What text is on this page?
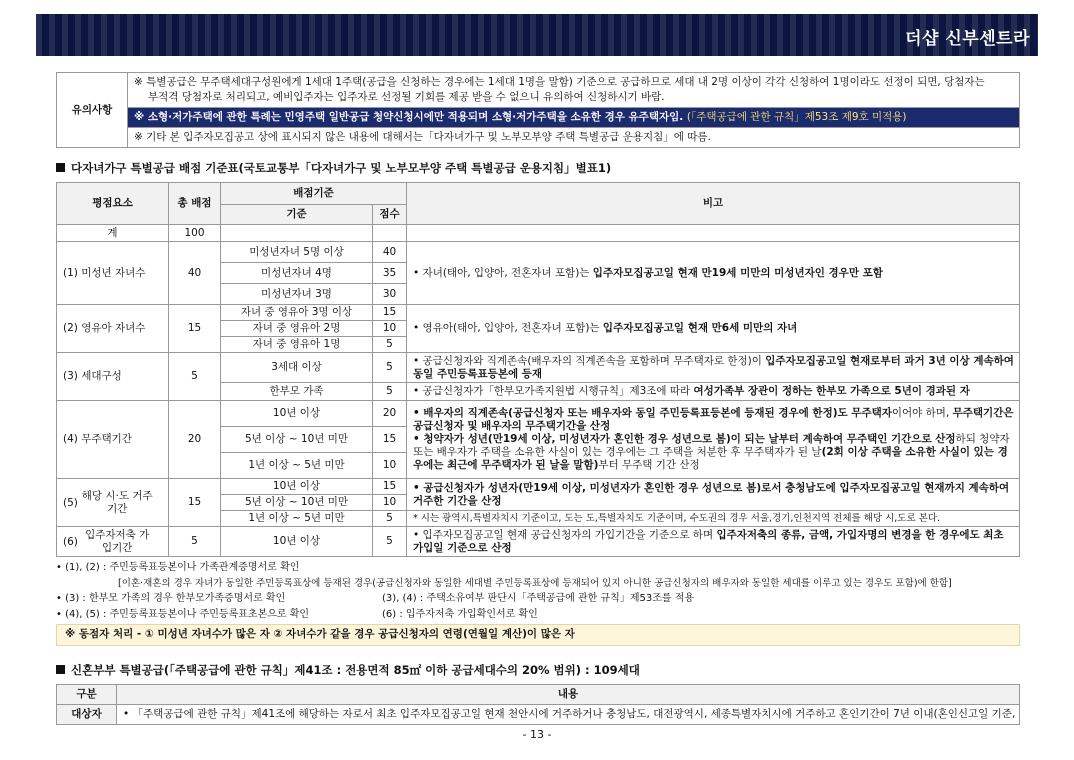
더샵 신부센트라
유의사항	
※ 특별공급은 무주택세대구성원에게 1세대 1주택(공급을 신청하는 경우에는 1세대 1명을 말함) 기준으로 공급하므로 세대 내 2명 이상이 각각 신청하여 1명이라도 선정이 되면, 당첨자는
부적격 당첨자로 처리되고, 예비입주자는 입주자로 선정될 기회를 제공 받을 수 없으니 유의하여 신청하시기 바람.

※ 소형·저가주택에 관한 특례는 민영주택 일반공급 청약신청시에만 적용되며 소형·저가주택을 소유한 경우 유주택자임. (「주택공급에 관한 규칙」제53조 제9호 미적용)
※ 기타 본 입주자모집공고 상에 표시되지 않은 내용에 대해서는「다자녀가구 및 노부모부양 주택 특별공급 운용지침」에 따름.
다자녀가구 특별공급 배점 기준표(국토교통부「다자녀가구 및 노부모부양 주택 특별공급 운용지침」별표1)
평점요소	총 배점	배점기준		비고
		기준	점수	
계	100			
(1) 미성년 자녀수	40	미성년자녀 5명 이상	40	• 자녀(태아, 입양아, 전혼자녀 포함)는 입주자모집공고일 현재 만19세 미만의 미성년자인 경우만 포함
		미성년자녀 4명	35	
		미성년자녀 3명	30	
(2) 영유아 자녀수	15	자녀 중 영유아 3명 이상	15	• 영유아(태아, 입양아, 전혼자녀 포함)는 입주자모집공고일 현재 만6세 미만의 자녀
		자녀 중 영유아 2명	10	
		자녀 중 영유아 1명	5	
(3) 세대구성	5	3세대 이상	5	• 공급신청자와 직계존속(배우자의 직계존속을 포함하며 무주택자로 한정)이 입주자모집공고일 현재로부터 과거 3년 이상 계속하여 동일 주민등록표등본에 등재
		한부모 가족	5	• 공급신청자가「한부모가족지원법 시행규칙」제3조에 따라 여성가족부 장관이 정하는 한부모 가족으로 5년이 경과된 자
(4) 무주택기간	20	10년 이상	20	• 배우자의 직계존속(공급신청자 또는 배우자와 동일 주민등록표등본에 등재된 경우에 한정)도 무주택자이어야 하며, 무주택기간은 공급신청자 및 배우자의 무주택기간을 산정
• 청약자가 성년(만19세 이상, 미성년자가 혼인한 경우 성년으로 봄)이 되는 날부터 계속하여 무주택인 기간으로 산정하되 청약자 또는 배우자가 주택을 소유한 사실이 있는 경우에는 그 주택을 처분한 후 무주택자가 된 날(2회 이상 주택을 소유한 사실이 있는 경우에는 최근에 무주택자가 된 날을 말함)부터 무주택 기간 산정

		5년 이상 ~ 10년 미만	15	
		1년 이상 ~ 5년 미만	10	
(5) 해당 시·도 거주기간	15	10년 이상	15	• 공급신청자가 성년자(만19세 이상, 미성년자가 혼인한 경우 성년으로 봄)로서 충청남도에 입주자모집공고일 현재까지 계속하여 거주한 기간을 산정
		5년 이상 ~ 10년 미만	10	
		1년 이상 ~ 5년 미만	5	* 시는 광역시,특별자치시 기준이고, 도는 도,특별자치도 기준이며, 수도권의 경우 서울,경기,인천지역 전체를 해당 시,도로 본다.
(6) 입주자저축 가입기간	5	10년 이상	5	• 입주자모집공고일 현재 공급신청자의 가입기간을 기준으로 하며 입주자저축의 종류, 금액, 가입자명의 변경을 한 경우에도 최초 가입일 기준으로 산정
• (1), (2) : 주민등록표등본이나 가족관계증명서로 확인
[이혼·재혼의 경우 자녀가 동일한 주민등록표상에 등재된 경우(공급신청자와 동일한 세대별 주민등록표상에 등재되어 있지 아니한 공급신청자의 배우자와 동일한 세대를 이루고 있는 경우도 포함)에 한함]
• (3) : 한부모 가족의 경우 한부모가족증명서로 확인	(3), (4) : 주택소유여부 판단시「주택공급에 관한 규칙」제53조를 적용
• (4), (5) : 주민등록표등본이나 주민등록표초본으로 확인	(6) : 입주자저축 가입확인서로 확인
※ 동점자 처리 - ① 미성년 자녀수가 많은 자 ② 자녀수가 같을 경우 공급신청자의 연령(연월일 계산)이 많은 자
신혼부부 특별공급(「주택공급에 관한 규칙」제41조 : 전용면적 85㎡ 이하 공급세대수의 20% 범위) : 109세대
구분	내용
대상자	• 「주택공급에 관한 규칙」제41조에 해당하는 자로서 최초 입주자모집공고일 현재 천안시에 거주하거나 충청남도, 대전광역시, 세종특별자치시에 거주하고 혼인기간이 7년 이내(혼인신고일 기준,
- 13 -
